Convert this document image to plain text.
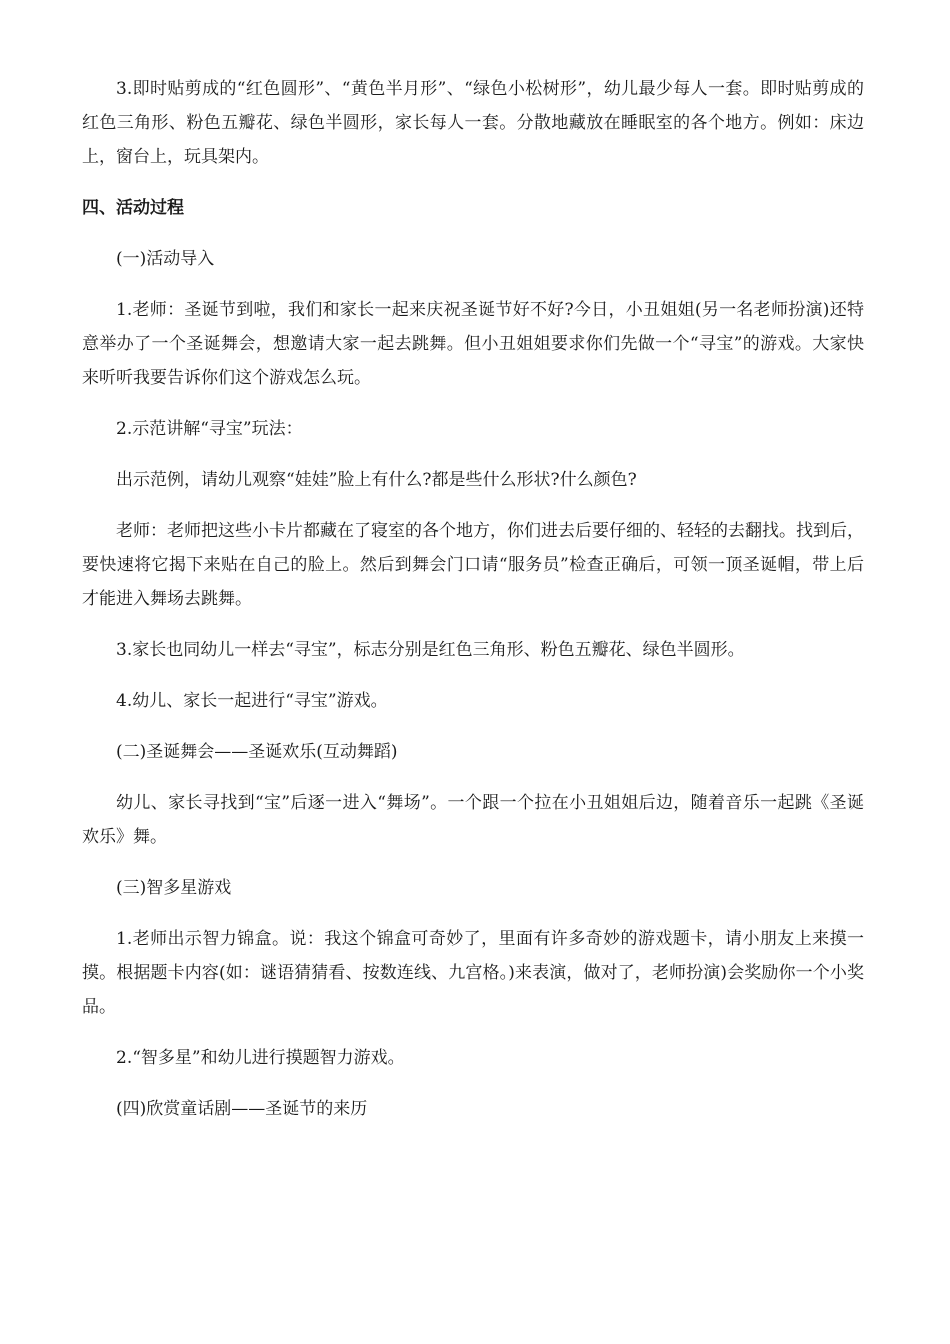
3.即时贴剪成的“红色圆形”、“黄色半月形”、“绿色小松树形”，幼儿最少每人一套。即时贴剪成的红色三角形、粉色五瓣花、绿色半圆形，家长每人一套。分散地藏放在睡眠室的各个地方。例如：床边上，窗台上，玩具架内。

四、活动过程

(一)活动导入

1.老师：圣诞节到啦，我们和家长一起来庆祝圣诞节好不好?今日，小丑姐姐(另一名老师扮演)还特意举办了一个圣诞舞会，想邀请大家一起去跳舞。但小丑姐姐要求你们先做一个“寻宝”的游戏。大家快来听听我要告诉你们这个游戏怎么玩。

2.示范讲解“寻宝”玩法：

出示范例，请幼儿观察“娃娃”脸上有什么?都是些什么形状?什么颜色?

老师：老师把这些小卡片都藏在了寝室的各个地方，你们进去后要仔细的、轻轻的去翻找。找到后，要快速将它揭下来贴在自己的脸上。然后到舞会门口请“服务员”检查正确后，可领一顶圣诞帽，带上后才能进入舞场去跳舞。

3.家长也同幼儿一样去“寻宝”，标志分别是红色三角形、粉色五瓣花、绿色半圆形。

4.幼儿、家长一起进行“寻宝”游戏。

(二)圣诞舞会——圣诞欢乐(互动舞蹈)

幼儿、家长寻找到“宝”后逐一进入“舞场”。一个跟一个拉在小丑姐姐后边，随着音乐一起跳《圣诞欢乐》舞。

(三)智多星游戏

1.老师出示智力锦盒。说：我这个锦盒可奇妙了，里面有许多奇妙的游戏题卡，请小朋友上来摸一摸。根据题卡内容(如：谜语猜猜看、按数连线、九宫格。)来表演，做对了，老师扮演)会奖励你一个小奖品。

2.“智多星”和幼儿进行摸题智力游戏。

(四)欣赏童话剧——圣诞节的来历
